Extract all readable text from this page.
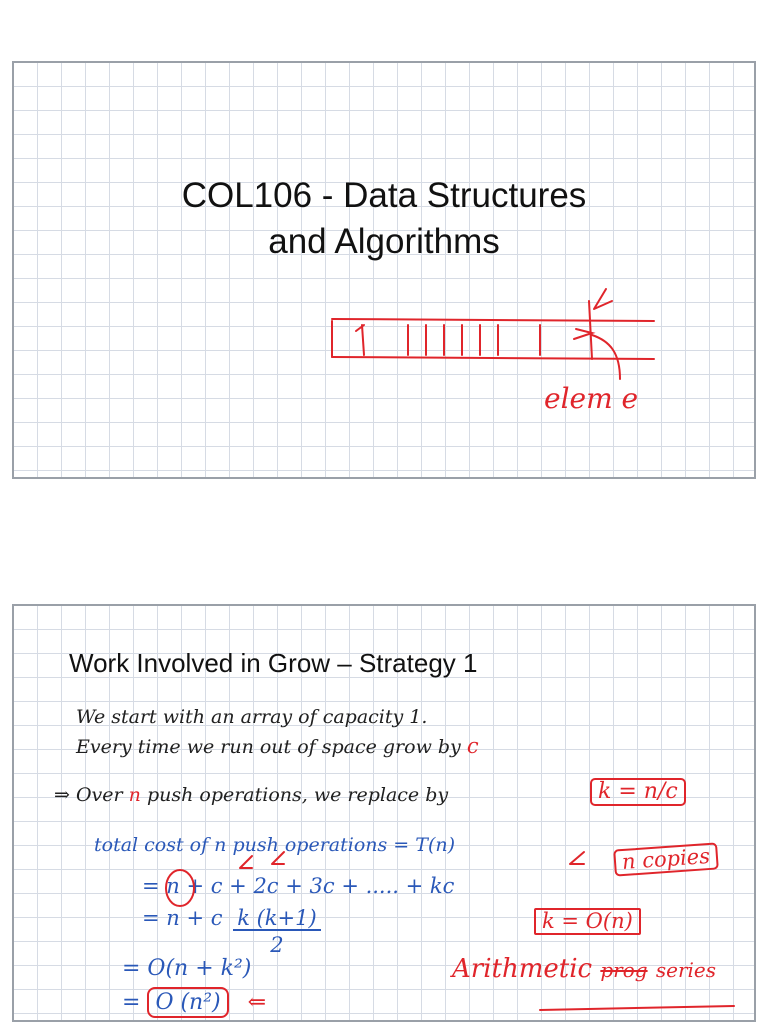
COL106 - Data Structures
and Algorithms
elem e
Work Involved in Grow – Strategy 1
We start with an array of capacity 1.
Every time we run out of space grow by c
⇒ Over n push operations, we replace by	k = n/c
total cost of n push operations = T(n)	n copies
= n + c + 2c + 3c + ..... + kc
= n + c $\frac{k (k+1)}{2}$	k = O(n)
= O(n + k²)	Arithmetic prog series
= O (n²) ⇐
